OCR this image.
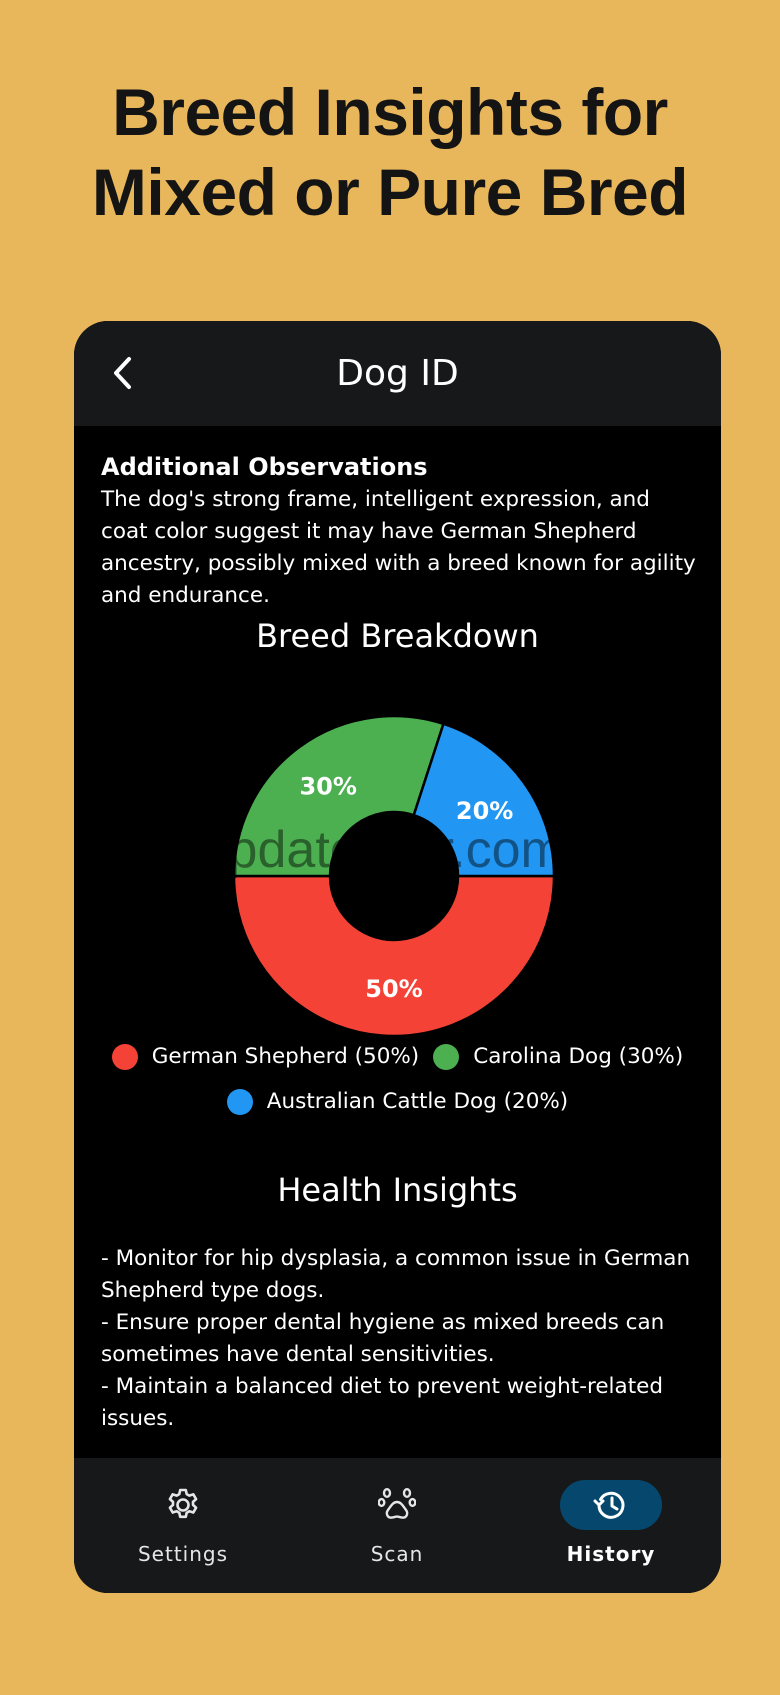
Breed Insights for
Mixed or Pure Bred
Dog ID
Additional Observations
The dog's strong frame, intelligent expression, and coat color suggest it may have German Shepherd ancestry, possibly mixed with a breed known for agility and endurance.
Breed Breakdown
50%
30%
20%
German Shepherd (50%)	Carolina Dog (30%)
Australian Cattle Dog (20%)
Health Insights
- Monitor for hip dysplasia, a common issue in German Shepherd type dogs.
- Ensure proper dental hygiene as mixed breeds can sometimes have dental sensitivities.
- Maintain a balanced diet to prevent weight-related issues.
Settings	Scan	History
UpdateStar.com
